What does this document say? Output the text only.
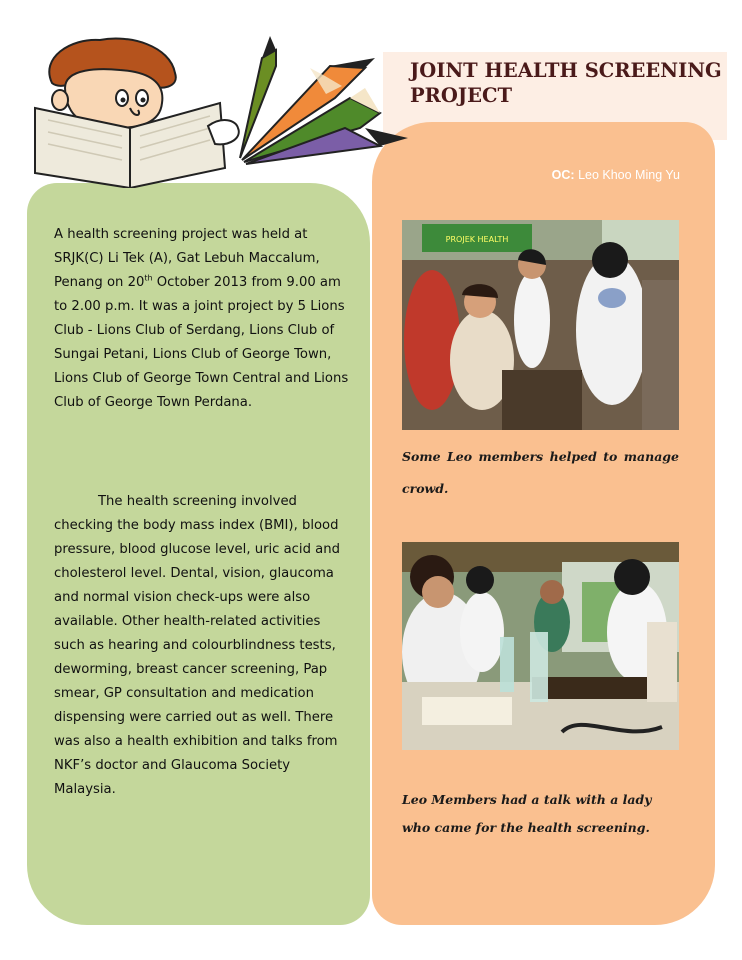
JOINT HEALTH SCREENING
PROJECT
OC: Leo Khoo Ming Yu

A health screening project was held at SRJK(C) Li Tek (A), Gat Lebuh Maccalum, Penang on 20th October 2013 from 9.00 am to 2.00 p.m. It was a joint project by 5 Lions Club - Lions Club of Serdang, Lions Club of Sungai Petani, Lions Club of George Town, Lions Club of George Town Central and Lions Club of George Town Perdana.

The health screening involved checking the body mass index (BMI), blood pressure, blood glucose level, uric acid and cholesterol level. Dental, vision, glaucoma and normal vision check-ups were also available. Other health-related activities such as hearing and colourblindness tests, deworming, breast cancer screening, Pap smear, GP consultation and medication dispensing were carried out as well. There was also a health exhibition and talks from NKF’s doctor and Glaucoma Society Malaysia.

PROJEK HEALTH

Some Leo members helped to manage crowd.

Leo Members had a talk with a lady who came for the health screening.
